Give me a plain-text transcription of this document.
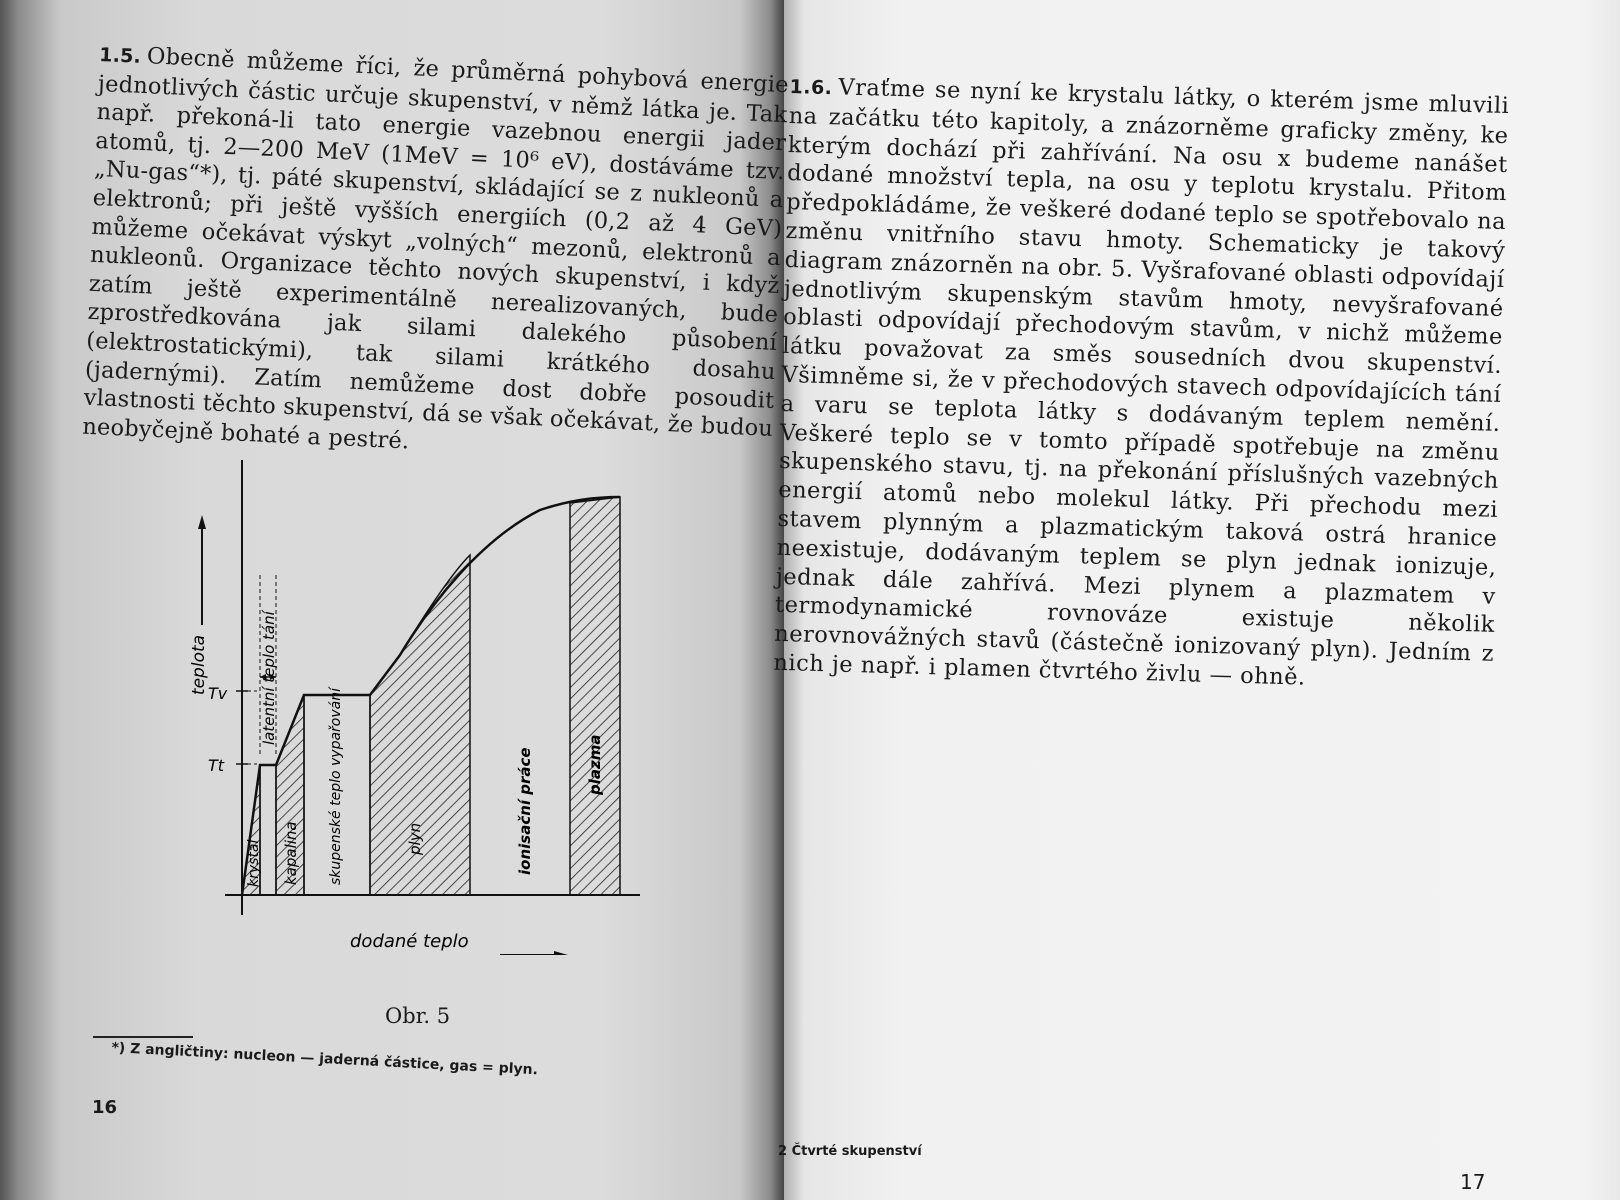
1.5. Obecně můžeme říci, že průměrná pohybová energie jednotlivých částic určuje skupenství, v němž látka je. Tak např. překoná-li tato energie vazebnou energii jader atomů, tj. 2—200 MeV (1MeV = 10⁶ eV), dostáváme tzv. „Nu-gas“*), tj. páté skupenství, skládající se z nukleonů a elektronů; při ještě vyšších energiích (0,2 až 4 GeV) můžeme očekávat výskyt „volných“ mezonů, elektronů a nukleonů. Organizace těchto nových skupenství, i když zatím ještě experimentálně nerealizovaných, bude zprostředkována jak silami dalekého působení (elektrostatickými), tak silami krátkého dosahu (jadernými). Zatím nemůžeme dost dobře posoudit vlastnosti těchto skupenství, dá se však očekávat, že budou neobyčejně bohaté a pestré.
teplota Tv
Tt
latentní teplo tání
krystal kapalina skupenské teplo vypařování	plyn	ionisační práce	plazma
dodané teplo
Obr. 5
*) Z angličtiny: nucleon — jaderná částice, gas = plyn.
16
1.6. Vraťme se nyní ke krystalu látky, o kterém jsme mluvili na začátku této kapitoly, a znázorněme graficky změny, ke kterým dochází při zahřívání. Na osu x budeme nanášet dodané množství tepla, na osu y teplotu krystalu. Přitom předpokládáme, že veškeré dodané teplo se spotřebovalo na změnu vnitřního stavu hmoty. Schematicky je takový diagram znázorněn na obr. 5. Vyšrafované oblasti odpovídají jednotlivým skupenským stavům hmoty, nevyšrafované oblasti odpovídají přechodovým stavům, v nichž můžeme látku považovat za směs sousedních dvou skupenství. Všimněme si, že v přechodových stavech odpovídajících tání a varu se teplota látky s dodávaným teplem nemění. Veškeré teplo se v tomto případě spotřebuje na změnu skupenského stavu, tj. na překonání příslušných vazebných energií atomů nebo molekul látky. Při přechodu mezi stavem plynným a plazmatickým taková ostrá hranice neexistuje, dodávaným teplem se plyn jednak ionizuje, jednak dále zahřívá. Mezi plynem a plazmatem v termodynamické rovnováze existuje několik nerovnovážných stavů (částečně ionizovaný plyn). Jedním z nich je např. i plamen čtvrtého živlu — ohně.
2 Čtvrté skupenství
17
